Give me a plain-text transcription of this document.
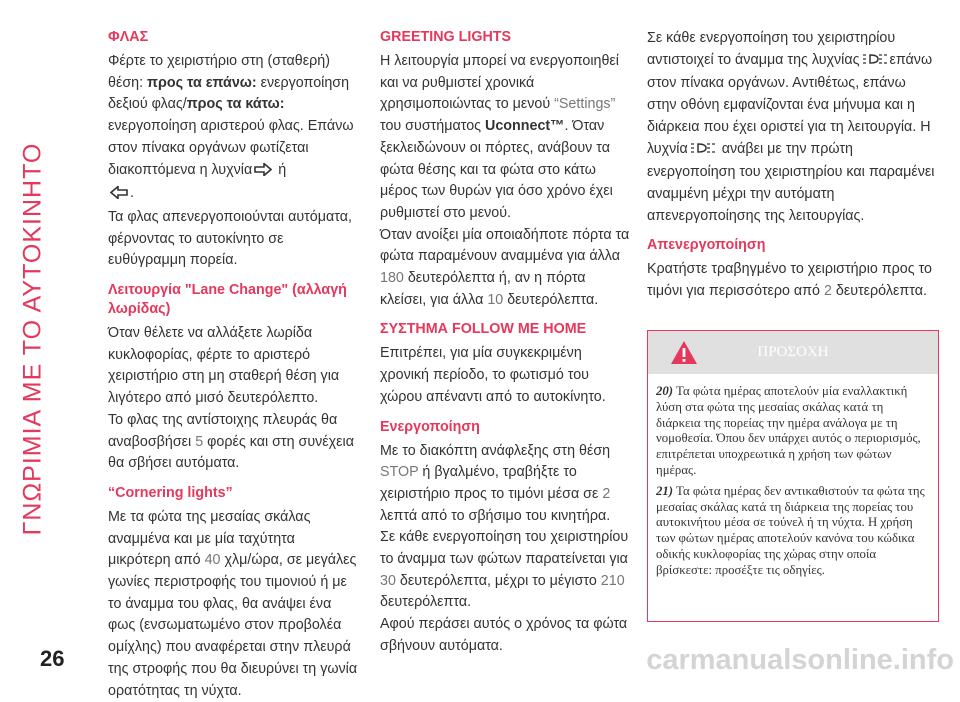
ΓΝΩΡΙΜΙΑ ΜΕ ΤΟ ΑΥΤΟΚΙΝΗΤΟ
26	carmanualsonline.info
ΦΛΑΣ

Φέρτε το χειριστήριο στη (σταθερή) θέση: προς τα επάνω: ενεργοποίηση δεξιού φλας/προς τα κάτω: ενεργοποίηση αριστερού φλας. Επάνω στον πίνακα οργάνων φωτίζεται διακοπτόμενα η λυχνία ή
.

Τα φλας απενεργοποιούνται αυτόματα, φέρνοντας το αυτοκίνητο σε ευθύγραμμη πορεία.

Λειτουργία "Lane Change" (αλλαγή λωρίδας)

Όταν θέλετε να αλλάξετε λωρίδα κυκλοφορίας, φέρτε το αριστερό χειριστήριο στη μη σταθερή θέση για λιγότερο από μισό δευτερόλεπτο.

Το φλας της αντίστοιχης πλευράς θα αναβοσβήσει 5 φορές και στη συνέχεια θα σβήσει αυτόματα.

“Cornering lights”

Με τα φώτα της μεσαίας σκάλας αναμμένα και με μία ταχύτητα μικρότερη από 40 χλμ/ώρα, σε μεγάλες γωνίες περιστροφής του τιμονιού ή με το άναμμα του φλας, θα ανάψει ένα φως (ενσωματωμένο στον προβολέα ομίχλης) που αναφέρεται στην πλευρά της στροφής που θα διευρύνει τη γωνία ορατότητας τη νύχτα.

GREETING LIGHTS

Η λειτουργία μπορεί να ενεργοποιηθεί και να ρυθμιστεί χρονικά χρησιμοποιώντας το μενού “Settings” του συστήματος Uconnect™. Όταν ξεκλειδώνουν οι πόρτες, ανάβουν τα φώτα θέσης και τα φώτα στο κάτω μέρος των θυρών για όσο χρόνο έχει ρυθμιστεί στο μενού.

Όταν ανοίξει μία οποιαδήποτε πόρτα τα φώτα παραμένουν αναμμένα για άλλα 180 δευτερόλεπτα ή, αν η πόρτα κλείσει, για άλλα 10 δευτερόλεπτα.

ΣΥΣΤΗΜΑ FOLLOW ME HOME

Επιτρέπει, για μία συγκεκριμένη χρονική περίοδο, το φωτισμό του χώρου απέναντι από το αυτοκίνητο.

Ενεργοποίηση

Με το διακόπτη ανάφλεξης στη θέση STOP ή βγαλμένο, τραβήξτε το χειριστήριο προς το τιμόνι μέσα σε 2 λεπτά από το σβήσιμο του κινητήρα.

Σε κάθε ενεργοποίηση του χειριστηρίου το άναμμα των φώτων παρατείνεται για 30 δευτερόλεπτα, μέχρι το μέγιστο 210 δευτερόλεπτα.

Αφού περάσει αυτός ο χρόνος τα φώτα σβήνουν αυτόματα.

Σε κάθε ενεργοποίηση του χειριστηρίου αντιστοιχεί το άναμμα της λυχνίας επάνω στον πίνακα οργάνων. Αντιθέτως, επάνω στην οθόνη εμφανίζονται ένα μήνυμα και η διάρκεια που έχει οριστεί για τη λειτουργία. Η λυχνία ανάβει με την πρώτη ενεργοποίηση του χειριστηρίου και παραμένει αναμμένη μέχρι την αυτόματη απενεργοποίησης της λειτουργίας.

Απενεργοποίηση

Κρατήστε τραβηγμένο το χειριστήριο προς το τιμόνι για περισσότερο από 2 δευτερόλεπτα.

ΠΡΟΣΟΧΗ

20) Τα φώτα ημέρας αποτελούν μία εναλλακτική λύση στα φώτα της μεσαίας σκάλας κατά τη διάρκεια της πορείας την ημέρα ανάλογα με τη νομοθεσία. Όπου δεν υπάρχει αυτός ο περιορισμός, επιτρέπεται υποχρεωτικά η χρήση των φώτων ημέρας.

21) Τα φώτα ημέρας δεν αντικαθιστούν τα φώτα της μεσαίας σκάλας κατά τη διάρκεια της πορείας του αυτοκινήτου μέσα σε τούνελ ή τη νύχτα. Η χρήση των φώτων ημέρας αποτελούν κανόνα του κώδικα οδικής κυκλοφορίας της χώρας στην οποία βρίσκεστε: προσέξτε τις οδηγίες.
